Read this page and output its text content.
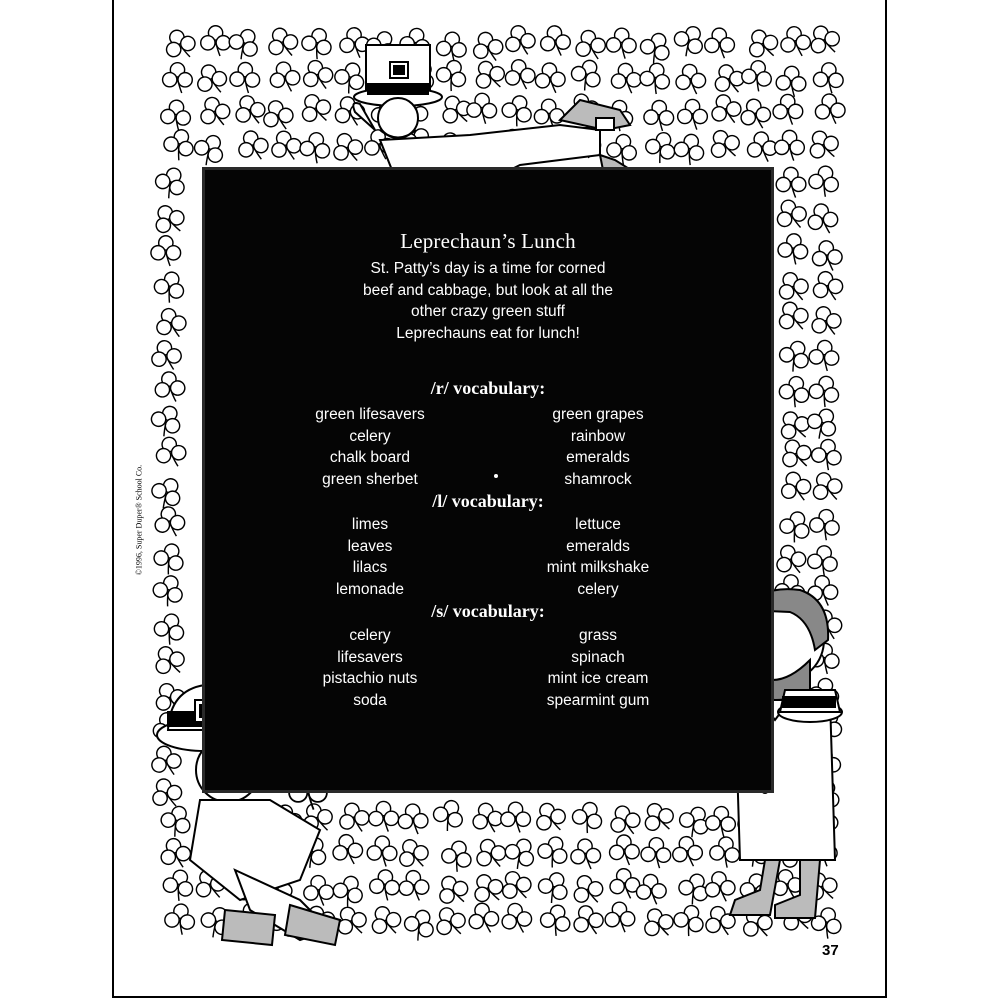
Leprechaun’s Lunch
St. Patty’s day is a time for corned
beef and cabbage, but look at all the
other crazy green stuff
Leprechauns eat for lunch!
/r/ vocabulary:
green lifesavers
celery
chalk board
green sherbet
green grapes
rainbow
emeralds
shamrock
/l/ vocabulary:
limes
leaves
lilacs
lemonade
lettuce
emeralds
mint milkshake
celery
/s/ vocabulary:
celery
lifesavers
pistachio nuts
soda
grass
spinach
mint ice cream
spearmint gum
©1996, Super Duper® School Co.
37
